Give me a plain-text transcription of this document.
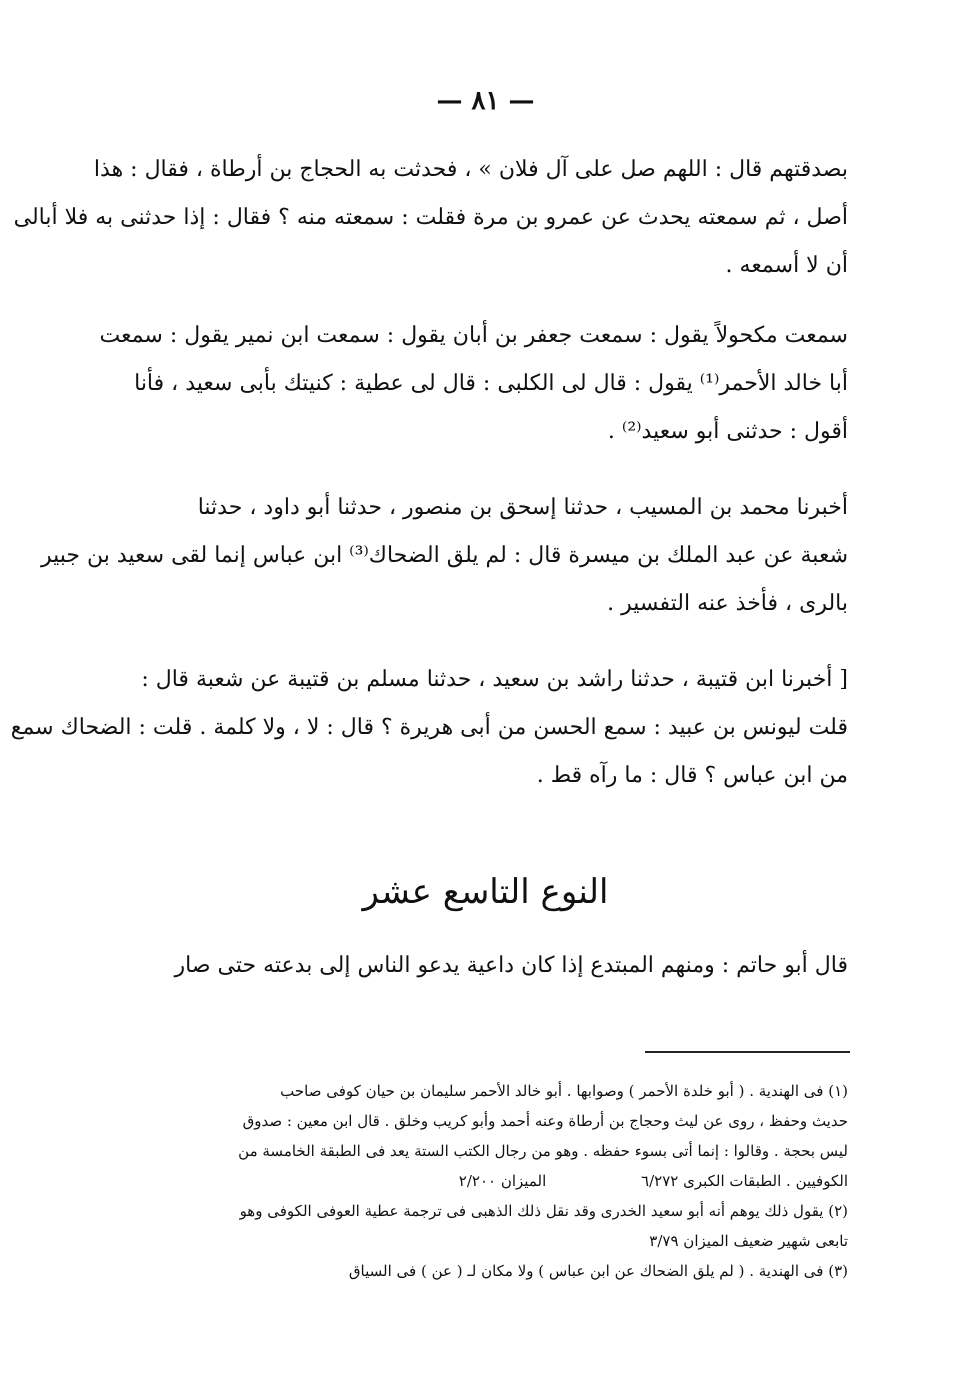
— ٨١ —

بصدقتهم قال : اللهم صل على آل فلان » ، فحدثت به الحجاج بن أرطاة ، فقال : هذا
أصل ، ثم سمعته يحدث عن عمرو بن مرة فقلت : سمعته منه ؟ فقال : إذا حدثنى به فلا أبالى
أن لا أسمعه .

سمعت مكحولاً يقول : سمعت جعفر بن أبان يقول : سمعت ابن نمير يقول : سمعت
أبا خالد الأحمر⁽¹⁾ يقول : قال لى الكلبى : قال لى عطية : كنيتك بأبى سعيد ، فأنا
أقول : حدثنى أبو سعيد⁽²⁾ .

أخبرنا محمد بن المسيب ، حدثنا إسحق بن منصور ، حدثنا أبو داود ، حدثنا
شعبة عن عبد الملك بن ميسرة قال : لم يلق الضحاك⁽³⁾ ابن عباس إنما لقى سعيد بن جبير
بالرى ، فأخذ عنه التفسير .

[ أخبرنا ابن قتيبة ، حدثنا راشد بن سعيد ، حدثنا مسلم بن قتيبة عن شعبة قال :
قلت ليونس بن عبيد : سمع الحسن من أبى هريرة ؟ قال : لا ، ولا كلمة . قلت : الضحاك سمع
من ابن عباس ؟ قال : ما رآه قط .

النوع التاسع عشر

قال أبو حاتم : ومنهم المبتدع إذا كان داعية يدعو الناس إلى بدعته حتى صار

(١) فى الهندية . ( أبو خلدة الأحمر ) وصوابها . أبو خالد الأحمر سليمان بن حيان كوفى صاحب
حديث وحفظ ، روى عن ليث وحجاج بن أرطاة وعنه أحمد وأبو كريب وخلق . قال ابن معين : صدوق
ليس بحجة . وقالوا : إنما أتى بسوء حفظه . وهو من رجال الكتب الستة يعد فى الطبقة الخامسة من
الكوفيين . الطبقات الكبرى ٦/٢٧٢ الميزان ٢/٢٠٠
(٢) يقول ذلك يوهم أنه أبو سعيد الخدرى وقد نقل ذلك الذهبى فى ترجمة عطية العوفى الكوفى وهو
تابعى شهير ضعيف الميزان ٣/٧٩
(٣) فى الهندية . ( لم يلق الضحاك عن ابن عباس ) ولا مكان لـ ( عن ) فى السياق
